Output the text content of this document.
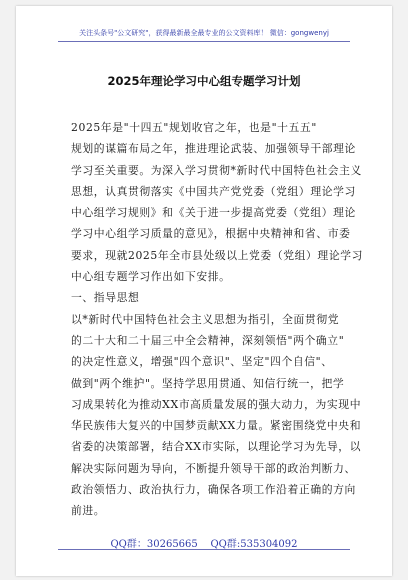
关注头条号"公文研究"，获得最新最全最专业的公文资料库！ 微信：gongwenyj
2025年理论学习中心组专题学习计划
2025年是"十四五"规划收官之年，也是"十五五"
规划的谋篇布局之年，推进理论武装、加强领导干部理论
学习至关重要。为深入学习贯彻*新时代中国特色社会主义
思想，认真贯彻落实《中国共产党党委（党组）理论学习
中心组学习规则》和《关于进一步提高党委（党组）理论
学习中心组学习质量的意见》，根据中央精神和省、市委
要求，现就2025年全市县处级以上党委（党组）理论学习
中心组专题学习作出如下安排。
一、指导思想
以*新时代中国特色社会主义思想为指引，全面贯彻党
的二十大和二十届三中全会精神，深刻领悟"两个确立"
的决定性意义，增强"四个意识"、坚定"四个自信"、
做到"两个维护"。坚持学思用贯通、知信行统一，把学
习成果转化为推动XX市高质量发展的强大动力，为实现中
华民族伟大复兴的中国梦贡献XX力量。紧密围绕党中央和
省委的决策部署，结合XX市实际，以理论学习为先导，以
解决实际问题为导向，不断提升领导干部的政治判断力、
政治领悟力、政治执行力，确保各项工作沿着正确的方向
前进。
QQ群：30265665    QQ群:535304092
